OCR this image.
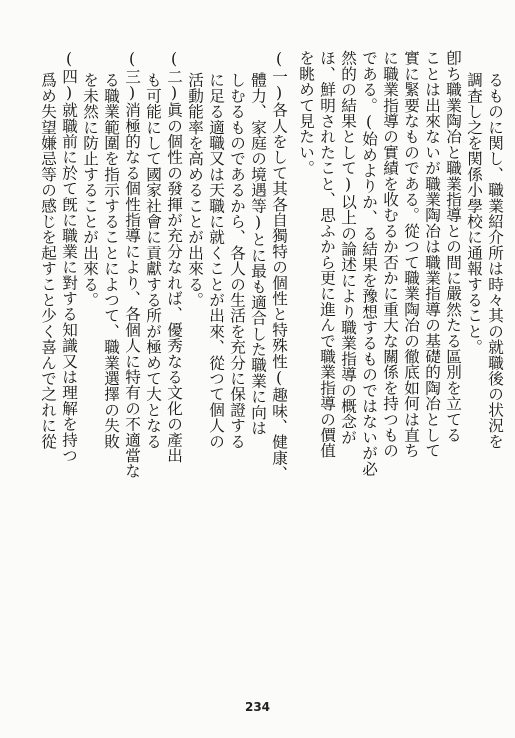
るものに関し、職業紹介所は時々其の就職後の状況を
調査し之を関係小學校に通報すること。
卽ち職業陶冶と職業指導との間に嚴然たる區別を立てる
ことは出來ないが職業陶冶は職業指導の基礎的陶冶として
實に緊要なものである。從つて職業陶冶の徹底如何は直ち
に職業指導の實績を收むるか否かに重大な關係を持つもの
である。(始めよりか、る結果を豫想するものではないが必
然的の結果として)以上の論述により職業指導の概念が
ほ、鮮明されたこと、思ふから更に進んで職業指導の價值
を眺めて見たい。
(一)各人をして其各自獨特の個性と特殊性(趣味、健康、
體力、家庭の境遇等)とに最も適合した職業に向は
しむるものであるから、各人の生活を充分に保證する
に足る適職又は天職に就くことが出來、從つて個人の
活動能率を高めることが出來る。
(二)眞の個性の發揮が充分なれば、優秀なる文化の產出
も可能にして國家社會に貢獻する所が極めて大となる
(三)消極的なる個性指導により、各個人に特有の不適當な
る職業範圍を指示することによつて、職業選擇の失敗
を未然に防止することが出來る。
(四)就職前に於て旣に職業に對する知識又は理解を持つ
爲め失望嫌忌等の感じを起すこと少く喜んで之れに從
234
